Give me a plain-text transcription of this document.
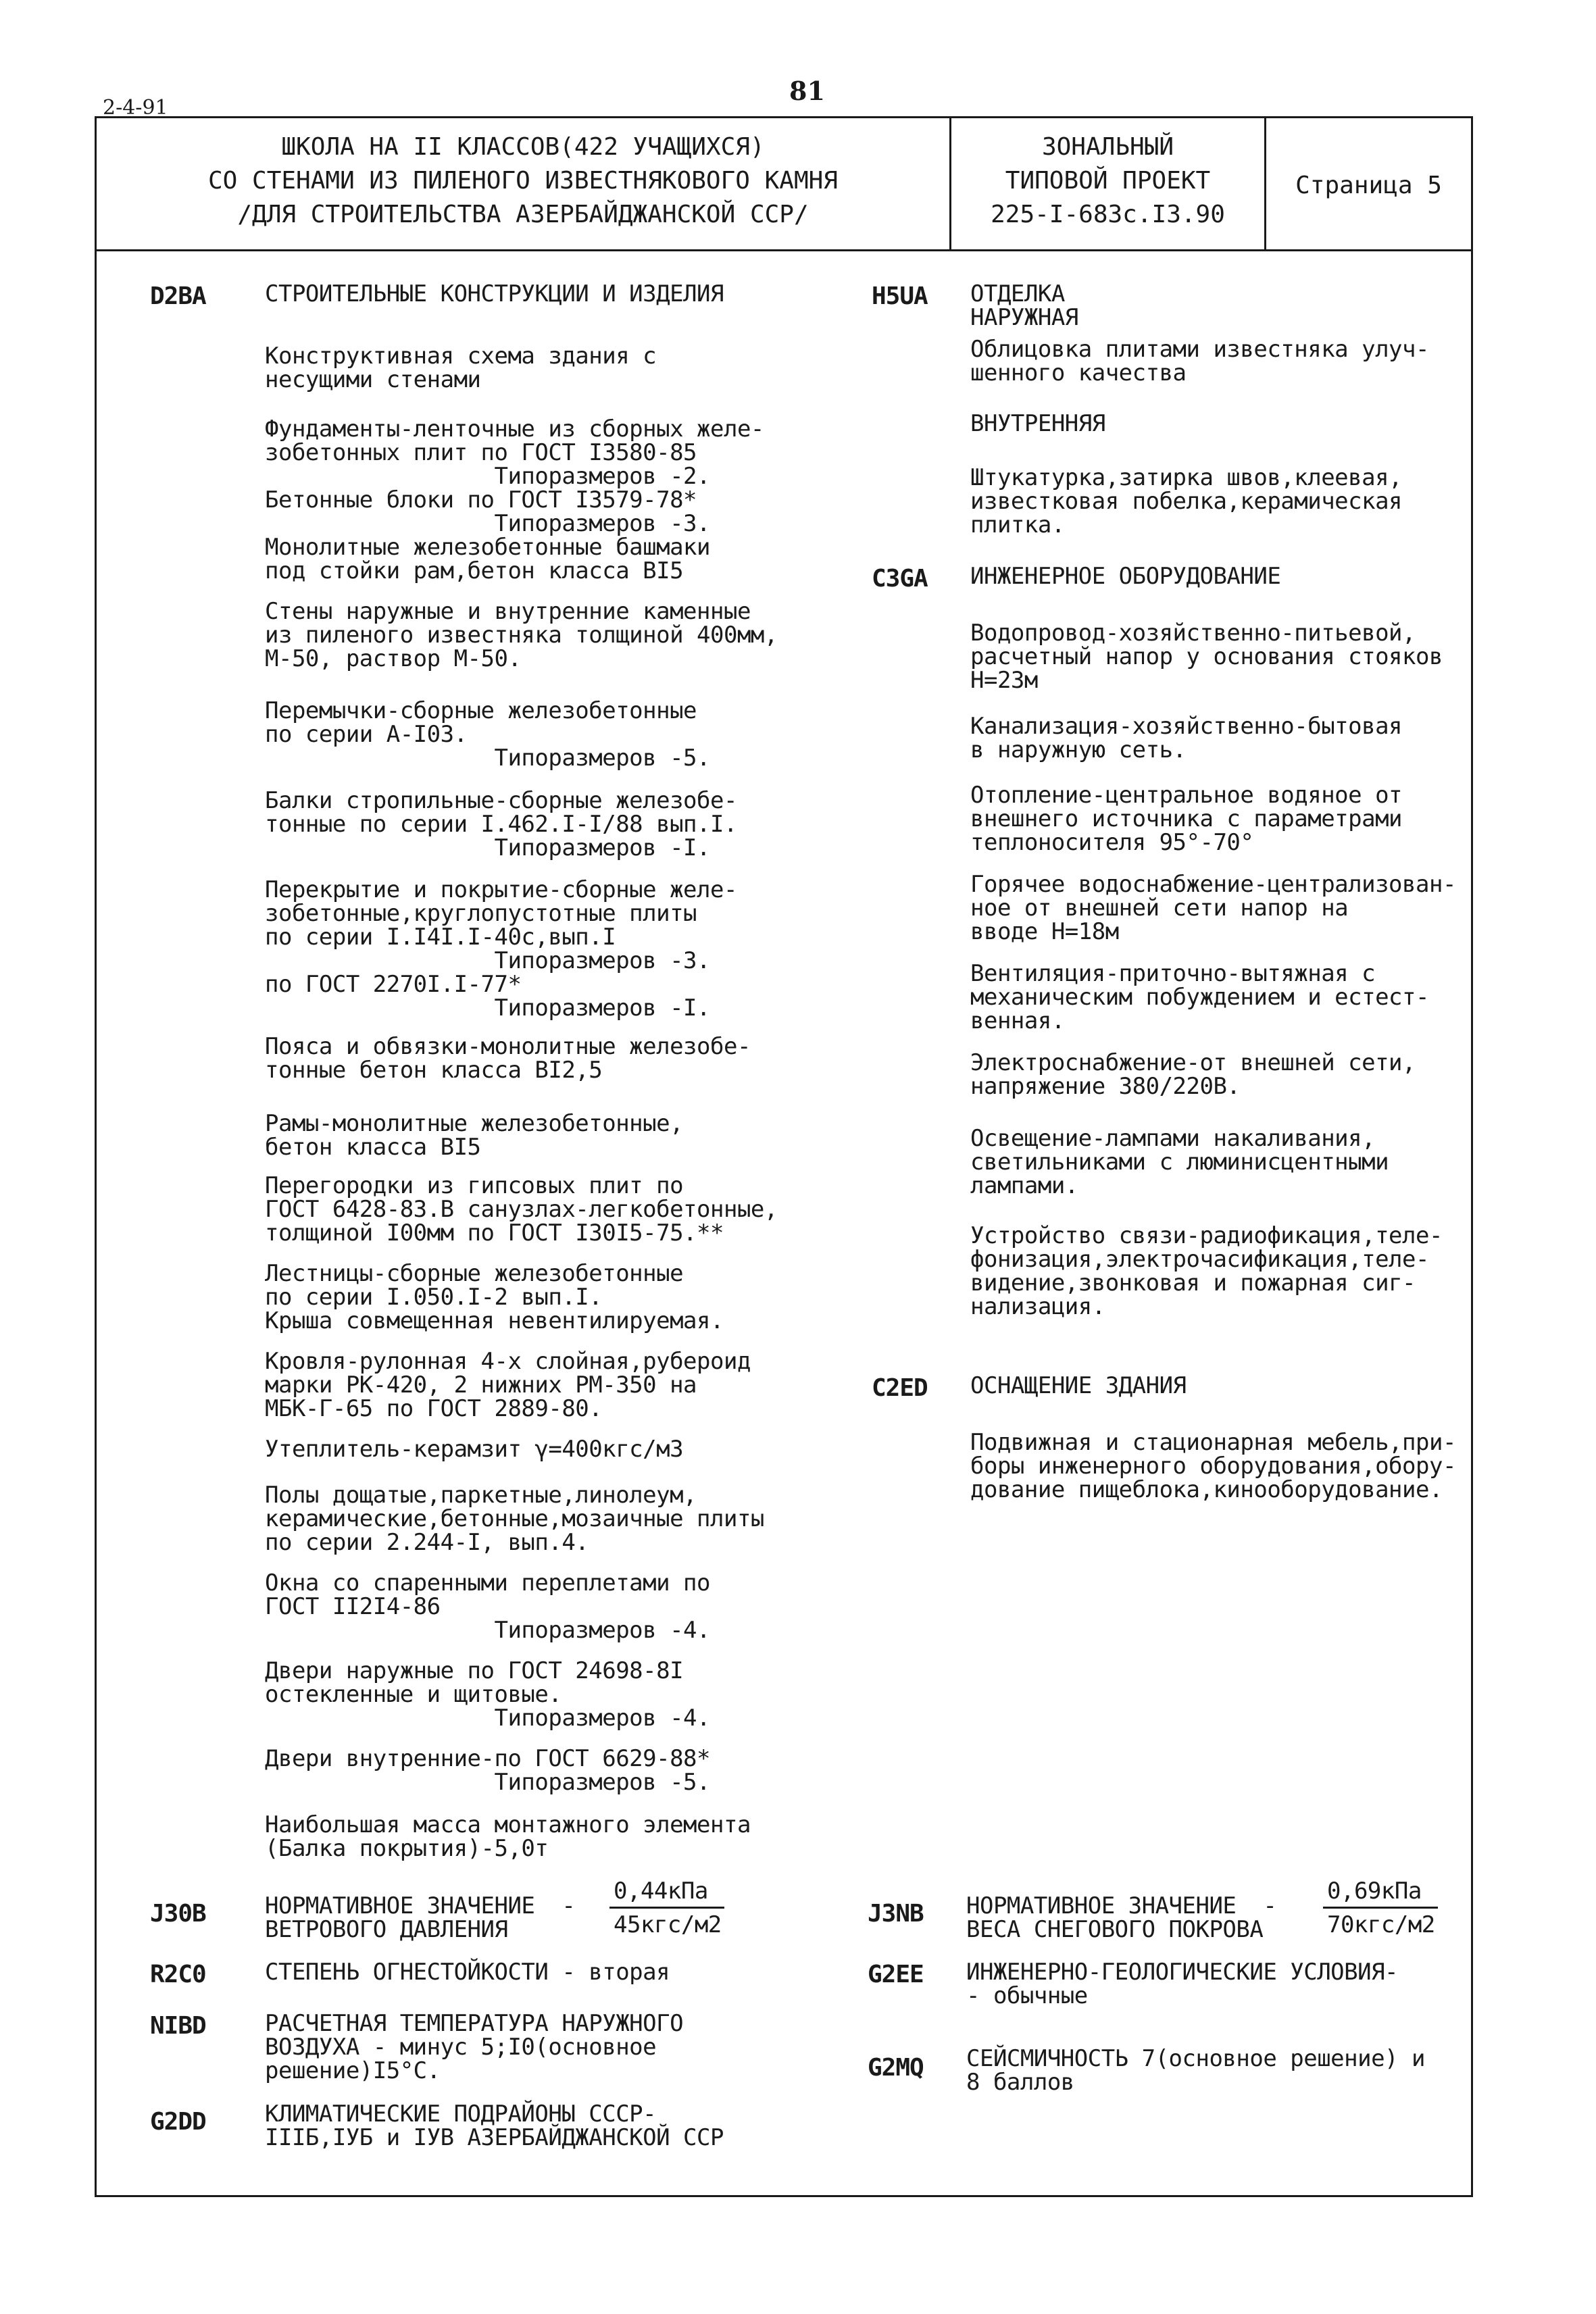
2-4-91
81
ШКОЛА НА II КЛАССОВ(422 УЧАЩИХСЯ)
СО СТЕНАМИ ИЗ ПИЛЕНОГО ИЗВЕСТНЯКОВОГО КАМНЯ
/ДЛЯ СТРОИТЕЛЬСТВА АЗЕРБАЙДЖАНСКОЙ ССР/
ЗОНАЛЬНЫЙ
ТИПОВОЙ ПРОЕКТ
225-I-683с.I3.90
Страница 5
D2BA	СТРОИТЕЛЬНЫЕ КОНСТРУКЦИИ И ИЗДЕЛИЯ
Конструктивная схема здания с
несущими стенами
Фундаменты-ленточные из сборных желе-
зобетонных плит по ГОСТ I3580-85
Типоразмеров -2.
Бетонные блоки по ГОСТ I3579-78*
Типоразмеров -3.
Монолитные железобетонные башмаки
под стойки рам,бетон класса BI5
Стены наружные и внутренние каменные
из пиленого известняка толщиной 400мм,
М-50, раствор М-50.
Перемычки-сборные железобетонные
по серии А-I03.
Типоразмеров -5.
Балки стропильные-сборные железобе-
тонные по серии I.462.I-I/88 вып.I.
Типоразмеров -I.
Перекрытие и покрытие-сборные желе-
зобетонные,круглопустотные плиты
по серии I.I4I.I-40с,вып.I
Типоразмеров -3.
по ГОСТ 2270I.I-77*
Типоразмеров -I.
Пояса и обвязки-монолитные железобе-
тонные бетон класса BI2,5
Рамы-монолитные железобетонные,
бетон класса BI5
Перегородки из гипсовых плит по
ГОСТ 6428-83.В санузлах-легкобетонные,
толщиной I00мм по ГОСТ I30I5-75.**
Лестницы-сборные железобетонные
по серии I.050.I-2 вып.I.
Крыша совмещенная невентилируемая.
Кровля-рулонная 4-х слойная,рубероид
марки РК-420, 2 нижних РМ-350 на
МБК-Г-65 по ГОСТ 2889-80.
Утеплитель-керамзит γ=400кгс/м3
Полы дощатые,паркетные,линолеум,
керамические,бетонные,мозаичные плиты
по серии 2.244-I, вып.4.
Окна со спаренными переплетами по
ГОСТ II2I4-86
Типоразмеров -4.
Двери наружные по ГОСТ 24698-8I
остекленные и щитовые.
Типоразмеров -4.
Двери внутренние-по ГОСТ 6629-88*
Типоразмеров -5.
Наибольшая масса монтажного элемента
(Балка покрытия)-5,0т
J30B	НОРМАТИВНОЕ ЗНАЧЕНИЕ  -
ВЕТРОВОГО ДАВЛЕНИЯ
0,44кПа
45кгс/м2
R2C0	СТЕПЕНЬ ОГНЕСТОЙКОСТИ - вторая
NIBD	РАСЧЕТНАЯ ТЕМПЕРАТУРА НАРУЖНОГО
ВОЗДУХА - минус 5;I0(основное
решение)I5°С.
G2DD	КЛИМАТИЧЕСКИЕ ПОДРАЙОНЫ СССР-
IIIБ,IУБ и IУВ АЗЕРБАЙДЖАНСКОЙ ССР
H5UA ОТДЕЛКА
НАРУЖНАЯ
Облицовка плитами известняка улуч-
шенного качества
ВНУТРЕННЯЯ
Штукатурка,затирка швов,клеевая,
известковая побелка,керамическая
плитка.
C3GA ИНЖЕНЕРНОЕ ОБОРУДОВАНИЕ
Водопровод-хозяйственно-питьевой,
расчетный напор у основания стояков
Н=23м
Канализация-хозяйственно-бытовая
в наружную сеть.
Отопление-центральное водяное от
внешнего источника с параметрами
теплоносителя 95°-70°
Горячее водоснабжение-централизован-
ное от внешней сети напор на
вводе Н=18м
Вентиляция-приточно-вытяжная с
механическим побуждением и естест-
венная.
Электроснабжение-от внешней сети,
напряжение 380/220В.
Освещение-лампами накаливания,
светильниками с люминисцентными
лампами.
Устройство связи-радиофикация,теле-
фонизация,электрочасификация,теле-
видение,звонковая и пожарная сиг-
нализация.
C2ED ОСНАЩЕНИЕ ЗДАНИЯ
Подвижная и стационарная мебель,при-
боры инженерного оборудования,обору-
дование пищеблока,кинооборудование.
J3NB НОРМАТИВНОЕ ЗНАЧЕНИЕ  -
ВЕСА СНЕГОВОГО ПОКРОВА
0,69кПа
70кгс/м2
G2EE ИНЖЕНЕРНО-ГЕОЛОГИЧЕСКИЕ УСЛОВИЯ-
- обычные
G2MQ СЕЙСМИЧНОСТЬ 7(основное решение) и
8 баллов
